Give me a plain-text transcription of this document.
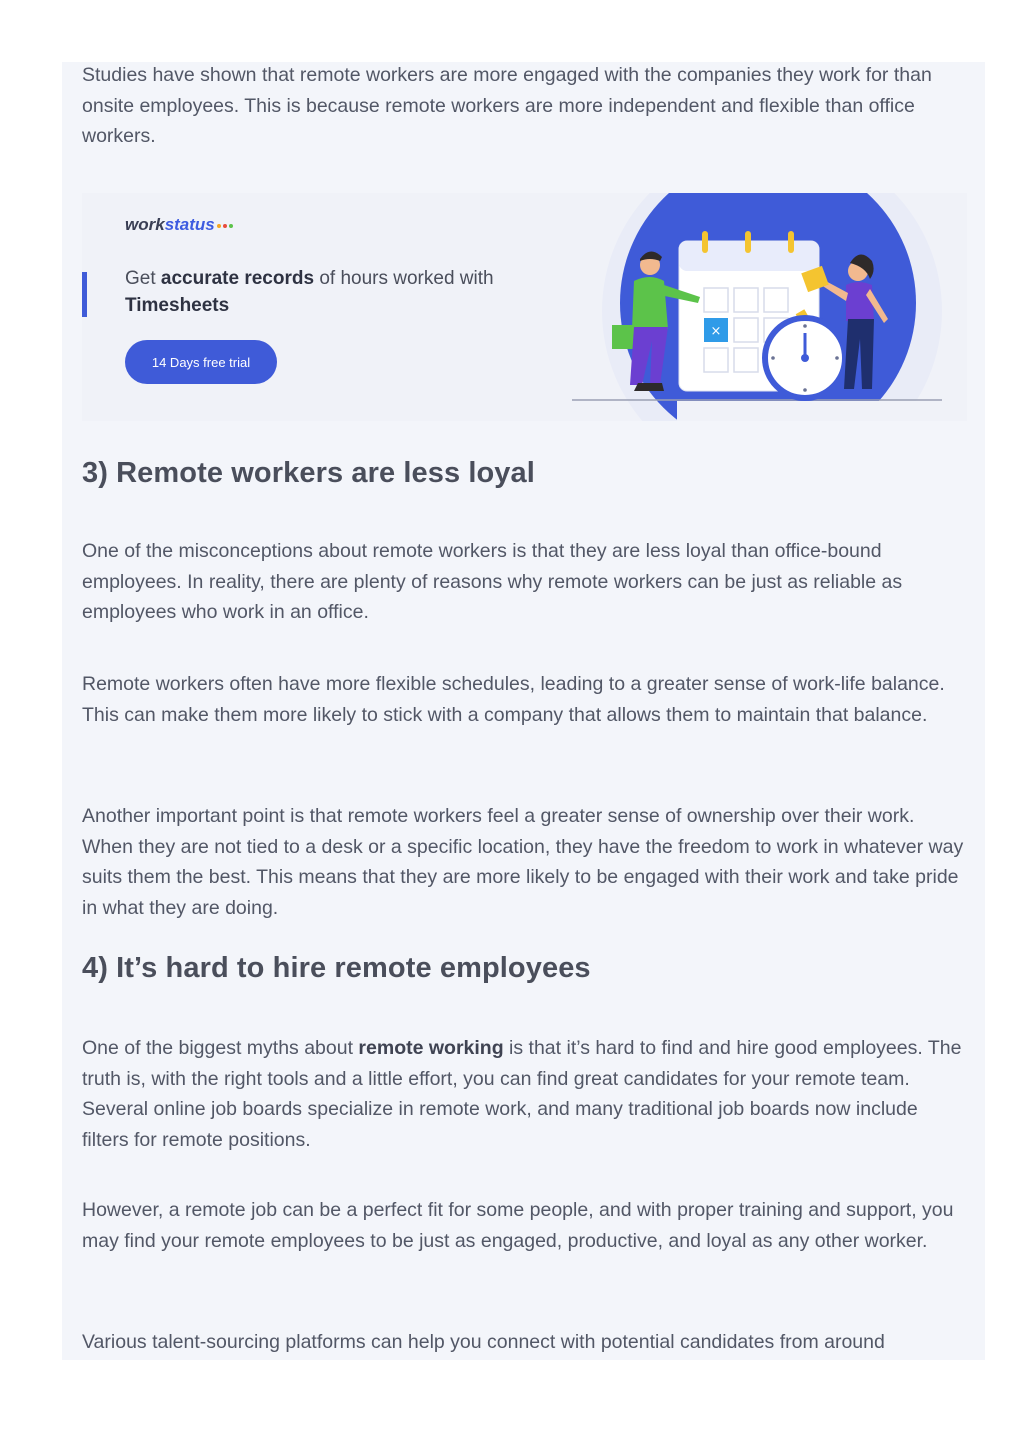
Studies have shown that remote workers are more engaged with the companies they work for than onsite employees. This is because remote workers are more independent and flexible than office workers.

workstatus
Get accurate records of hours worked with Timesheets
14 Days free trial
×
3) Remote workers are less loyal

One of the misconceptions about remote workers is that they are less loyal than office-bound employees. In reality, there are plenty of reasons why remote workers can be just as reliable as employees who work in an office.

Remote workers often have more flexible schedules, leading to a greater sense of work-life balance. This can make them more likely to stick with a company that allows them to maintain that balance.

Another important point is that remote workers feel a greater sense of ownership over their work. When they are not tied to a desk or a specific location, they have the freedom to work in whatever way suits them the best. This means that they are more likely to be engaged with their work and take pride in what they are doing.

4) It’s hard to hire remote employees

One of the biggest myths about remote working is that it’s hard to find and hire good employees. The truth is, with the right tools and a little effort, you can find great candidates for your remote team. Several online job boards specialize in remote work, and many traditional job boards now include filters for remote positions.

However, a remote job can be a perfect fit for some people, and with proper training and support, you may find your remote employees to be just as engaged, productive, and loyal as any other worker.

Various talent-sourcing platforms can help you connect with potential candidates from around
